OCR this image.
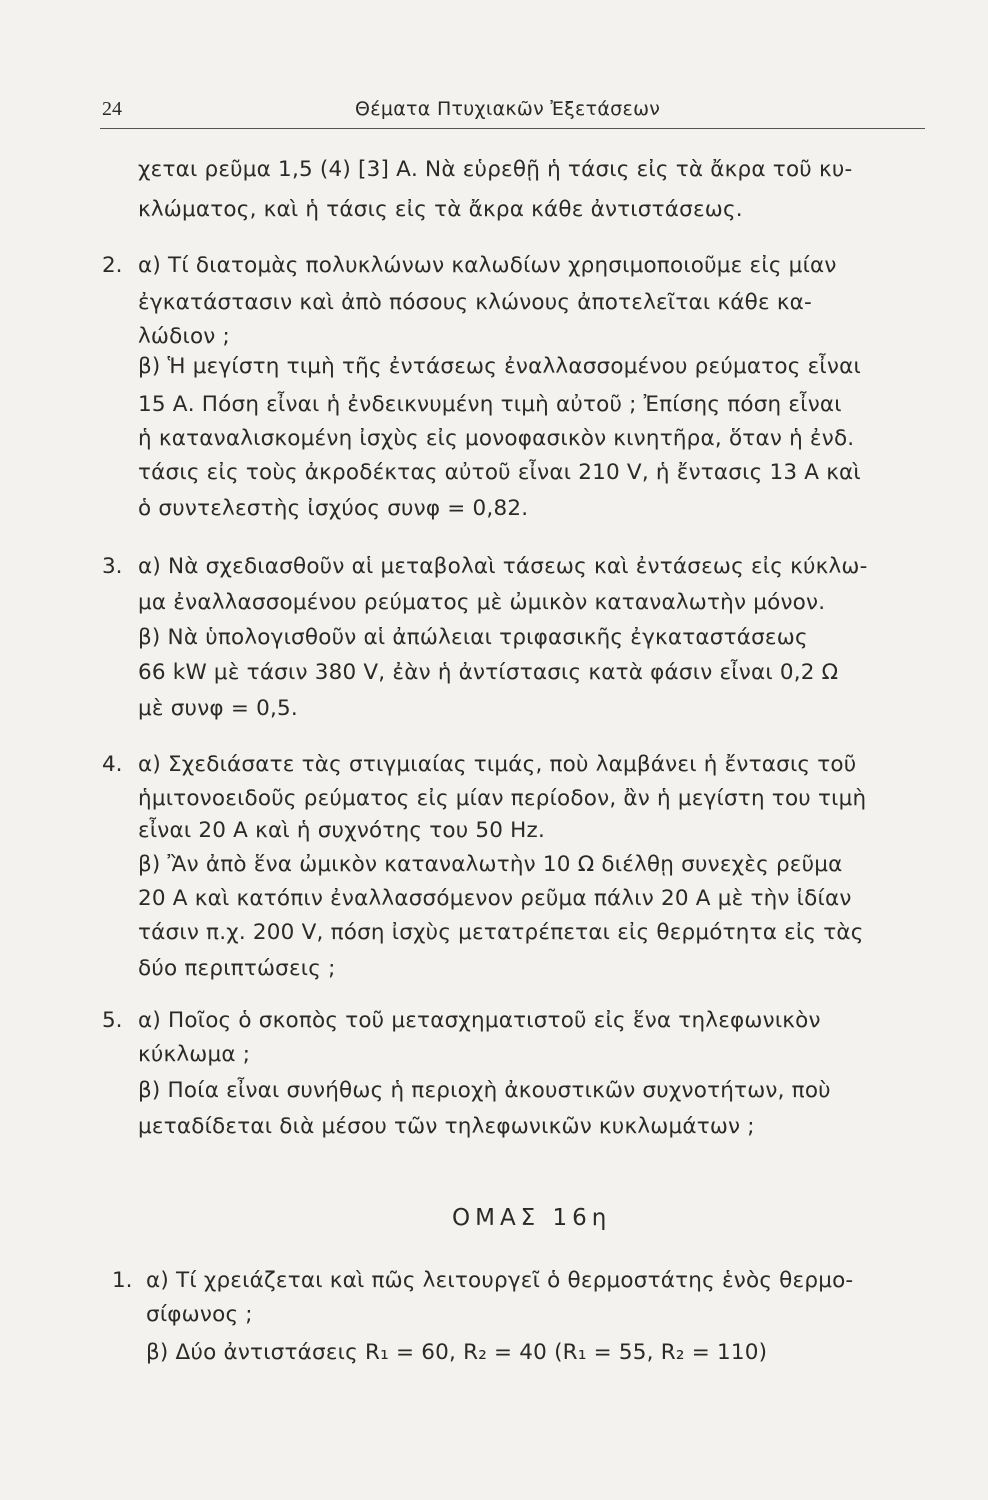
24	Θέματα Πτυχιακῶν Ἐξετάσεων
χεται ρεῦμα 1,5 (4) [3] Α. Νὰ εὑρεθῇ ἡ τάσις εἰς τὰ ἄκρα τοῦ κυ-
κλώματος, καὶ ἡ τάσις εἰς τὰ ἄκρα κάθε ἀντιστάσεως.
2. α) Τί διατομὰς πολυκλώνων καλωδίων χρησιμοποιοῦμε εἰς μίαν
ἐγκατάστασιν καὶ ἀπὸ πόσους κλώνους ἀποτελεῖται κάθε κα-
λώδιον ;
β) Ἡ μεγίστη τιμὴ τῆς ἐντάσεως ἐναλλασσομένου ρεύματος εἶναι
15 Α. Πόση εἶναι ἡ ἐνδεικνυμένη τιμὴ αὐτοῦ ; Ἐπίσης πόση εἶναι
ἡ καταναλισκομένη ἰσχὺς εἰς μονοφασικὸν κινητῆρα, ὅταν ἡ ἐνδ.
τάσις εἰς τοὺς ἀκροδέκτας αὐτοῦ εἶναι 210 V, ἡ ἔντασις 13 Α καὶ
ὁ συντελεστὴς ἰσχύος συνφ = 0,82.
3. α) Νὰ σχεδιασθοῦν αἱ μεταβολαὶ τάσεως καὶ ἐντάσεως εἰς κύκλω-
μα ἐναλλασσομένου ρεύματος μὲ ὠμικὸν καταναλωτὴν μόνον.
β) Νὰ ὑπολογισθοῦν αἱ ἀπώλειαι τριφασικῆς ἐγκαταστάσεως
66 kW μὲ τάσιν 380 V, ἐὰν ἡ ἀντίστασις κατὰ φάσιν εἶναι 0,2 Ω
μὲ συνφ = 0,5.
4. α) Σχεδιάσατε τὰς στιγμιαίας τιμάς, ποὺ λαμβάνει ἡ ἔντασις τοῦ
ἡμιτονοειδοῦς ρεύματος εἰς μίαν περίοδον, ἂν ἡ μεγίστη του τιμὴ
εἶναι 20 Α καὶ ἡ συχνότης του 50 Hz.
β) Ἂν ἀπὸ ἕνα ὠμικὸν καταναλωτὴν 10 Ω διέλθῃ συνεχὲς ρεῦμα
20 Α καὶ κατόπιν ἐναλλασσόμενον ρεῦμα πάλιν 20 Α μὲ τὴν ἰδίαν
τάσιν π.χ. 200 V, πόση ἰσχὺς μετατρέπεται εἰς θερμότητα εἰς τὰς
δύο περιπτώσεις ;
5. α) Ποῖος ὁ σκοπὸς τοῦ μετασχηματιστοῦ εἰς ἕνα τηλεφωνικὸν
κύκλωμα ;
β) Ποία εἶναι συνήθως ἡ περιοχὴ ἀκουστικῶν συχνοτήτων, ποὺ
μεταδίδεται διὰ μέσου τῶν τηλεφωνικῶν κυκλωμάτων ;
ΟΜΑΣ 16η
1. α) Τί χρειάζεται καὶ πῶς λειτουργεῖ ὁ θερμοστάτης ἑνὸς θερμο-
σίφωνος ;
β) Δύο ἀντιστάσεις R₁ = 60, R₂ = 40 (R₁ = 55, R₂ = 110)
